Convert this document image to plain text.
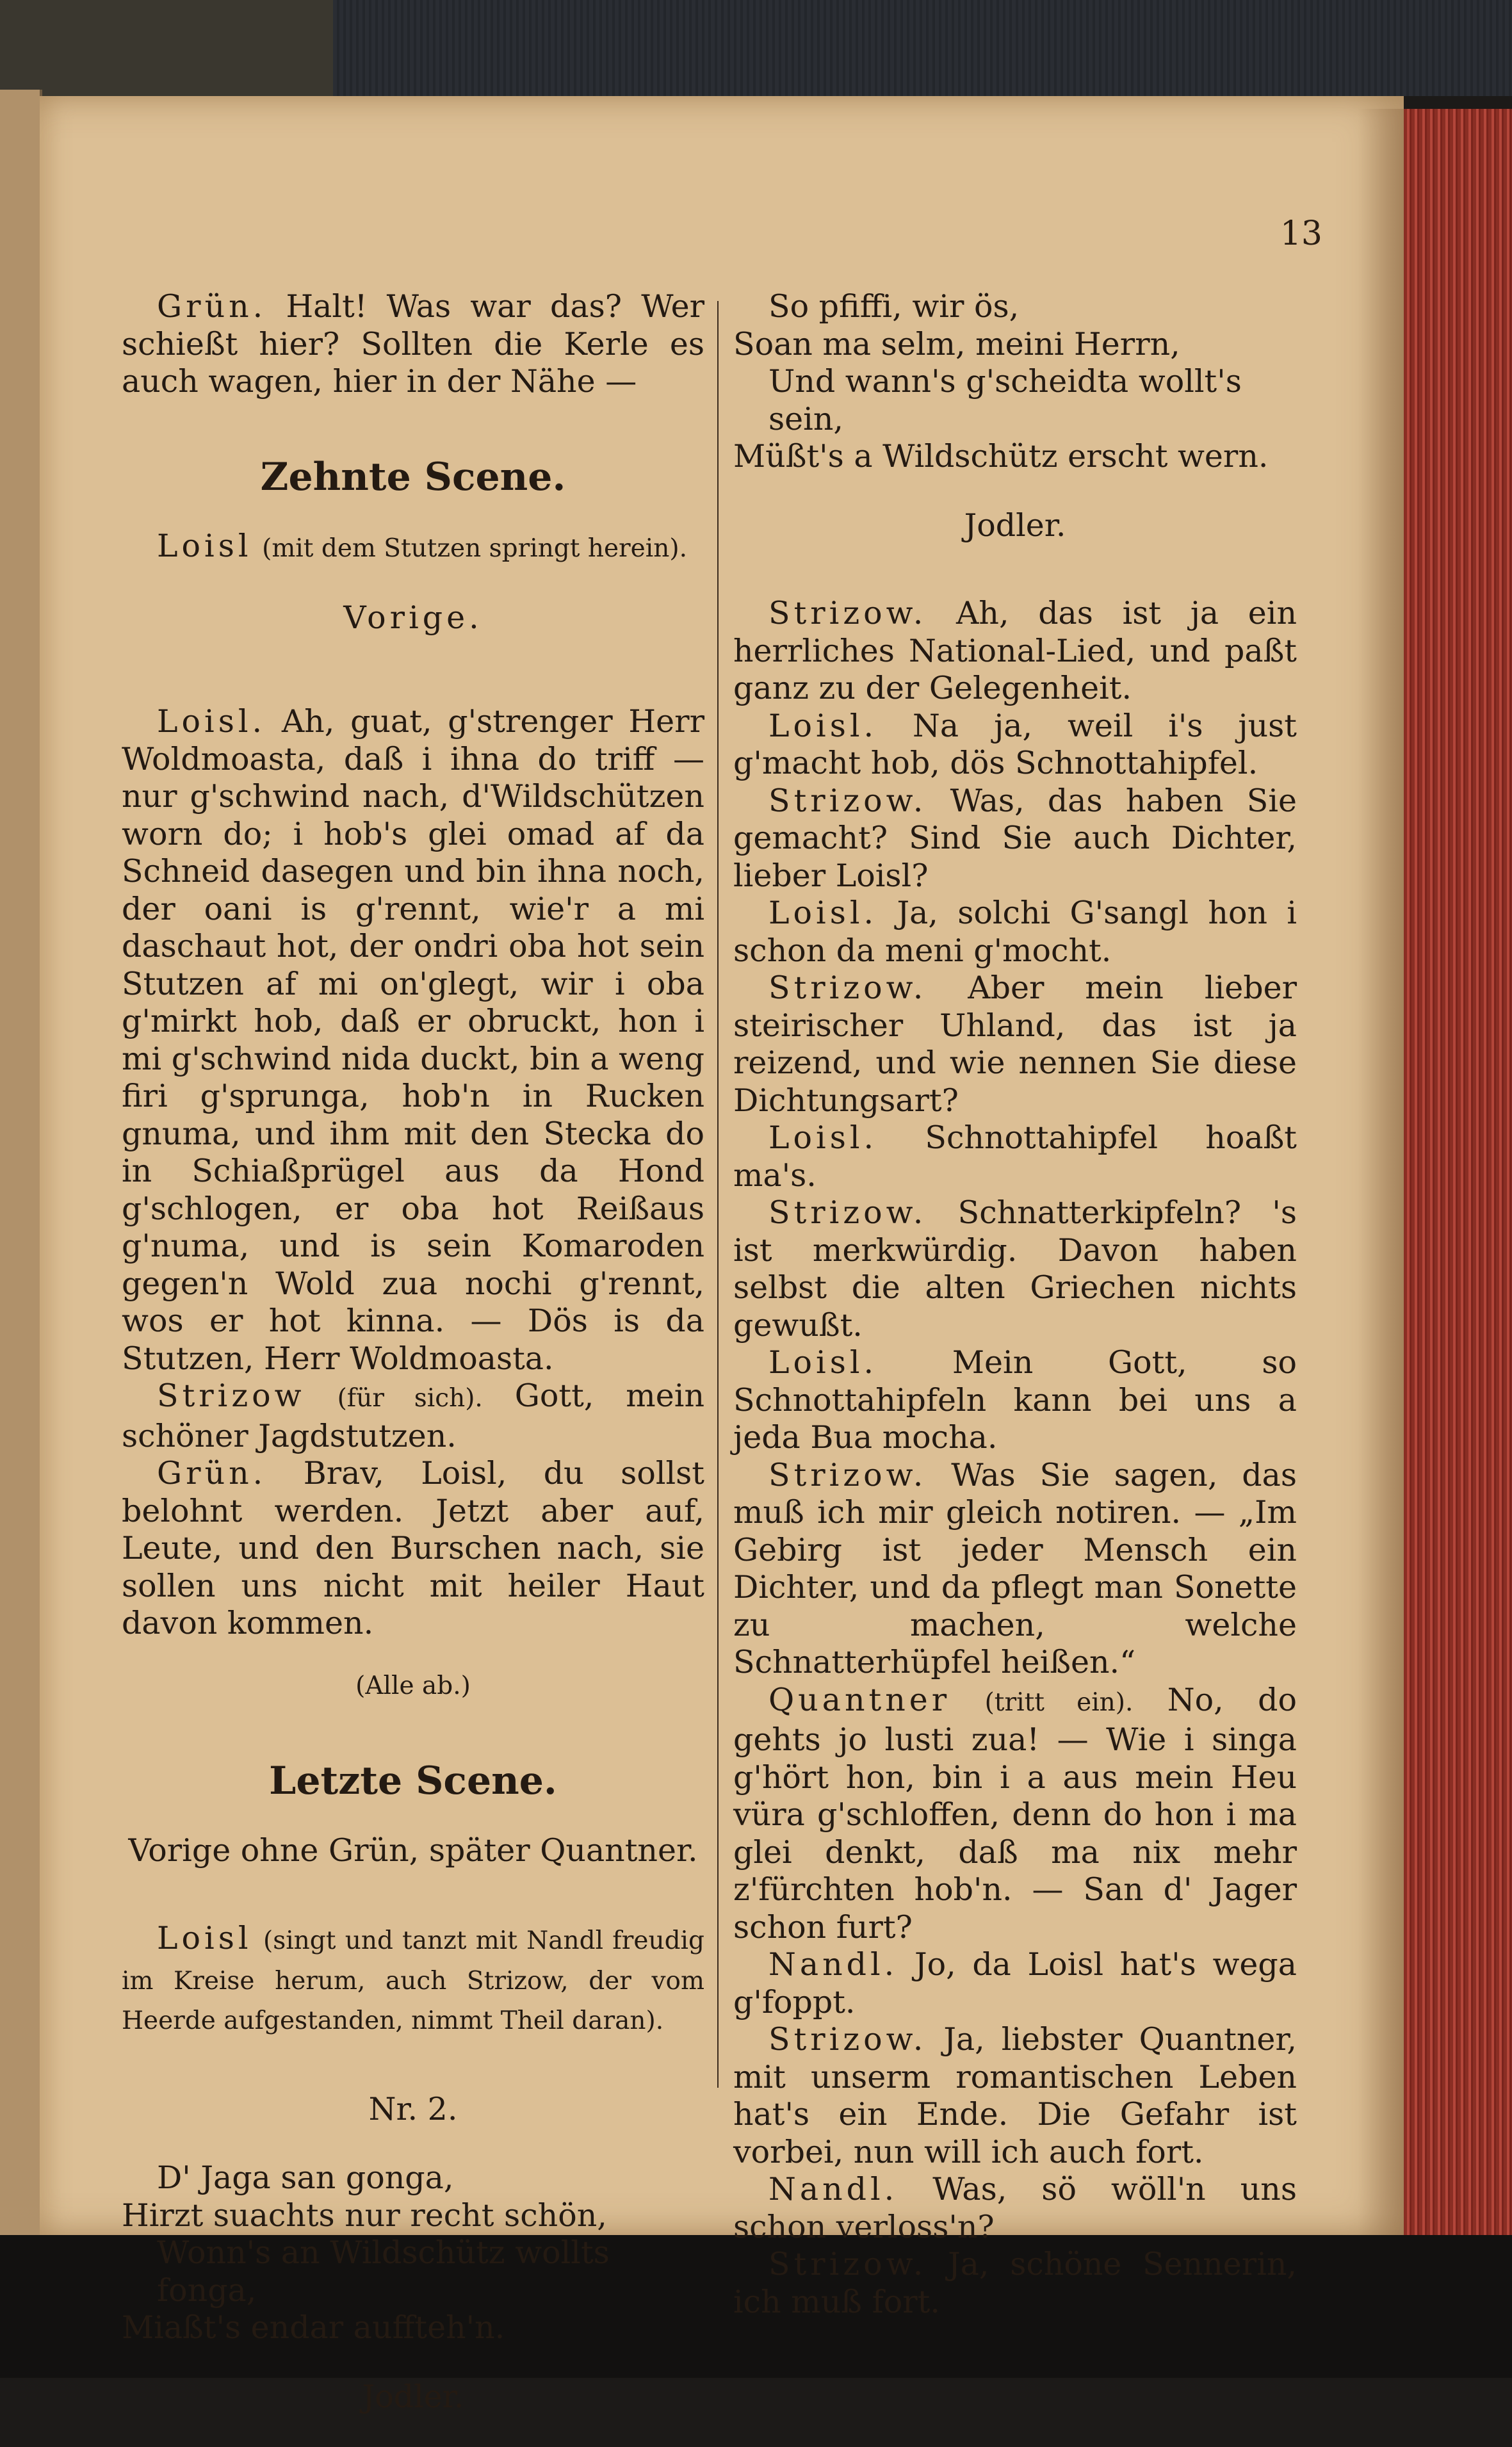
13

Grün. Halt! Was war das? Wer schießt hier? Sollten die Kerle es auch wagen, hier in der Nähe —

Zehnte Scene.

Loisl (mit dem Stutzen springt herein).

Vorige.

Loisl. Ah, guat, g'strenger Herr Woldmoasta, daß i ihna do triff — nur g'schwind nach, d'Wildschützen worn do; i hob's glei omad af da Schneid dasegen und bin ihna noch, der oani is g'rennt, wie'r a mi daschaut hot, der ondri oba hot sein Stutzen af mi on'glegt, wir i oba g'mirkt hob, daß er obruckt, hon i mi g'schwind nida duckt, bin a weng firi g'sprunga, hob'n in Rucken gnuma, und ihm mit den Stecka do in Schiaßprügel aus da Hond g'schlogen, er oba hot Reißaus g'numa, und is sein Komaroden gegen'n Wold zua nochi g'rennt, wos er hot kinna. — Dös is da Stutzen, Herr Woldmoasta.

Strizow (für sich). Gott, mein schöner Jagdstutzen.

Grün. Brav, Loisl, du sollst belohnt werden. Jetzt aber auf, Leute, und den Burschen nach, sie sollen uns nicht mit heiler Haut davon kommen.

(Alle ab.)

Letzte Scene.

Vorige ohne Grün, später Quantner.

Loisl (singt und tanzt mit Nandl freudig im Kreise herum, auch Strizow, der vom Heerde aufgestanden, nimmt Theil daran).

Nr. 2.

D' Jaga san gonga,

Hirzt suachts nur recht schön,

Wonn's an Wildschütz wollts fonga,

Miaßt's endar auffteh'n.

Jodler.

So pfiffi, wir ös,

Soan ma selm, meini Herrn,

Und wann's g'scheidta wollt's sein,

Müßt's a Wildschütz erscht wern.

Jodler.

Strizow. Ah, das ist ja ein herrliches National-Lied, und paßt ganz zu der Gelegenheit.

Loisl. Na ja, weil i's just g'macht hob, dös Schnottahipfel.

Strizow. Was, das haben Sie gemacht? Sind Sie auch Dichter, lieber Loisl?

Loisl. Ja, solchi G'sangl hon i schon da meni g'mocht.

Strizow. Aber mein lieber steirischer Uhland, das ist ja reizend, und wie nennen Sie diese Dichtungsart?

Loisl. Schnottahipfel hoaßt ma's.

Strizow. Schnatterkipfeln? 's ist merkwürdig. Davon haben selbst die alten Griechen nichts gewußt.

Loisl. Mein Gott, so Schnottahipfeln kann bei uns a jeda Bua mocha.

Strizow. Was Sie sagen, das muß ich mir gleich notiren. — „Im Gebirg ist jeder Mensch ein Dichter, und da pflegt man Sonette zu machen, welche Schnatterhüpfel heißen.“

Quantner (tritt ein). No, do gehts jo lusti zua! — Wie i singa g'hört hon, bin i a aus mein Heu vüra g'schloffen, denn do hon i ma glei denkt, daß ma nix mehr z'fürchten hob'n. — San d' Jager schon furt?

Nandl. Jo, da Loisl hat's wega g'foppt.

Strizow. Ja, liebster Quantner, mit unserm romantischen Leben hat's ein Ende. Die Gefahr ist vorbei, nun will ich auch fort.

Nandl. Was, sö wöll'n uns schon verloss'n?

Strizow. Ja, schöne Sennerin, ich muß fort.
